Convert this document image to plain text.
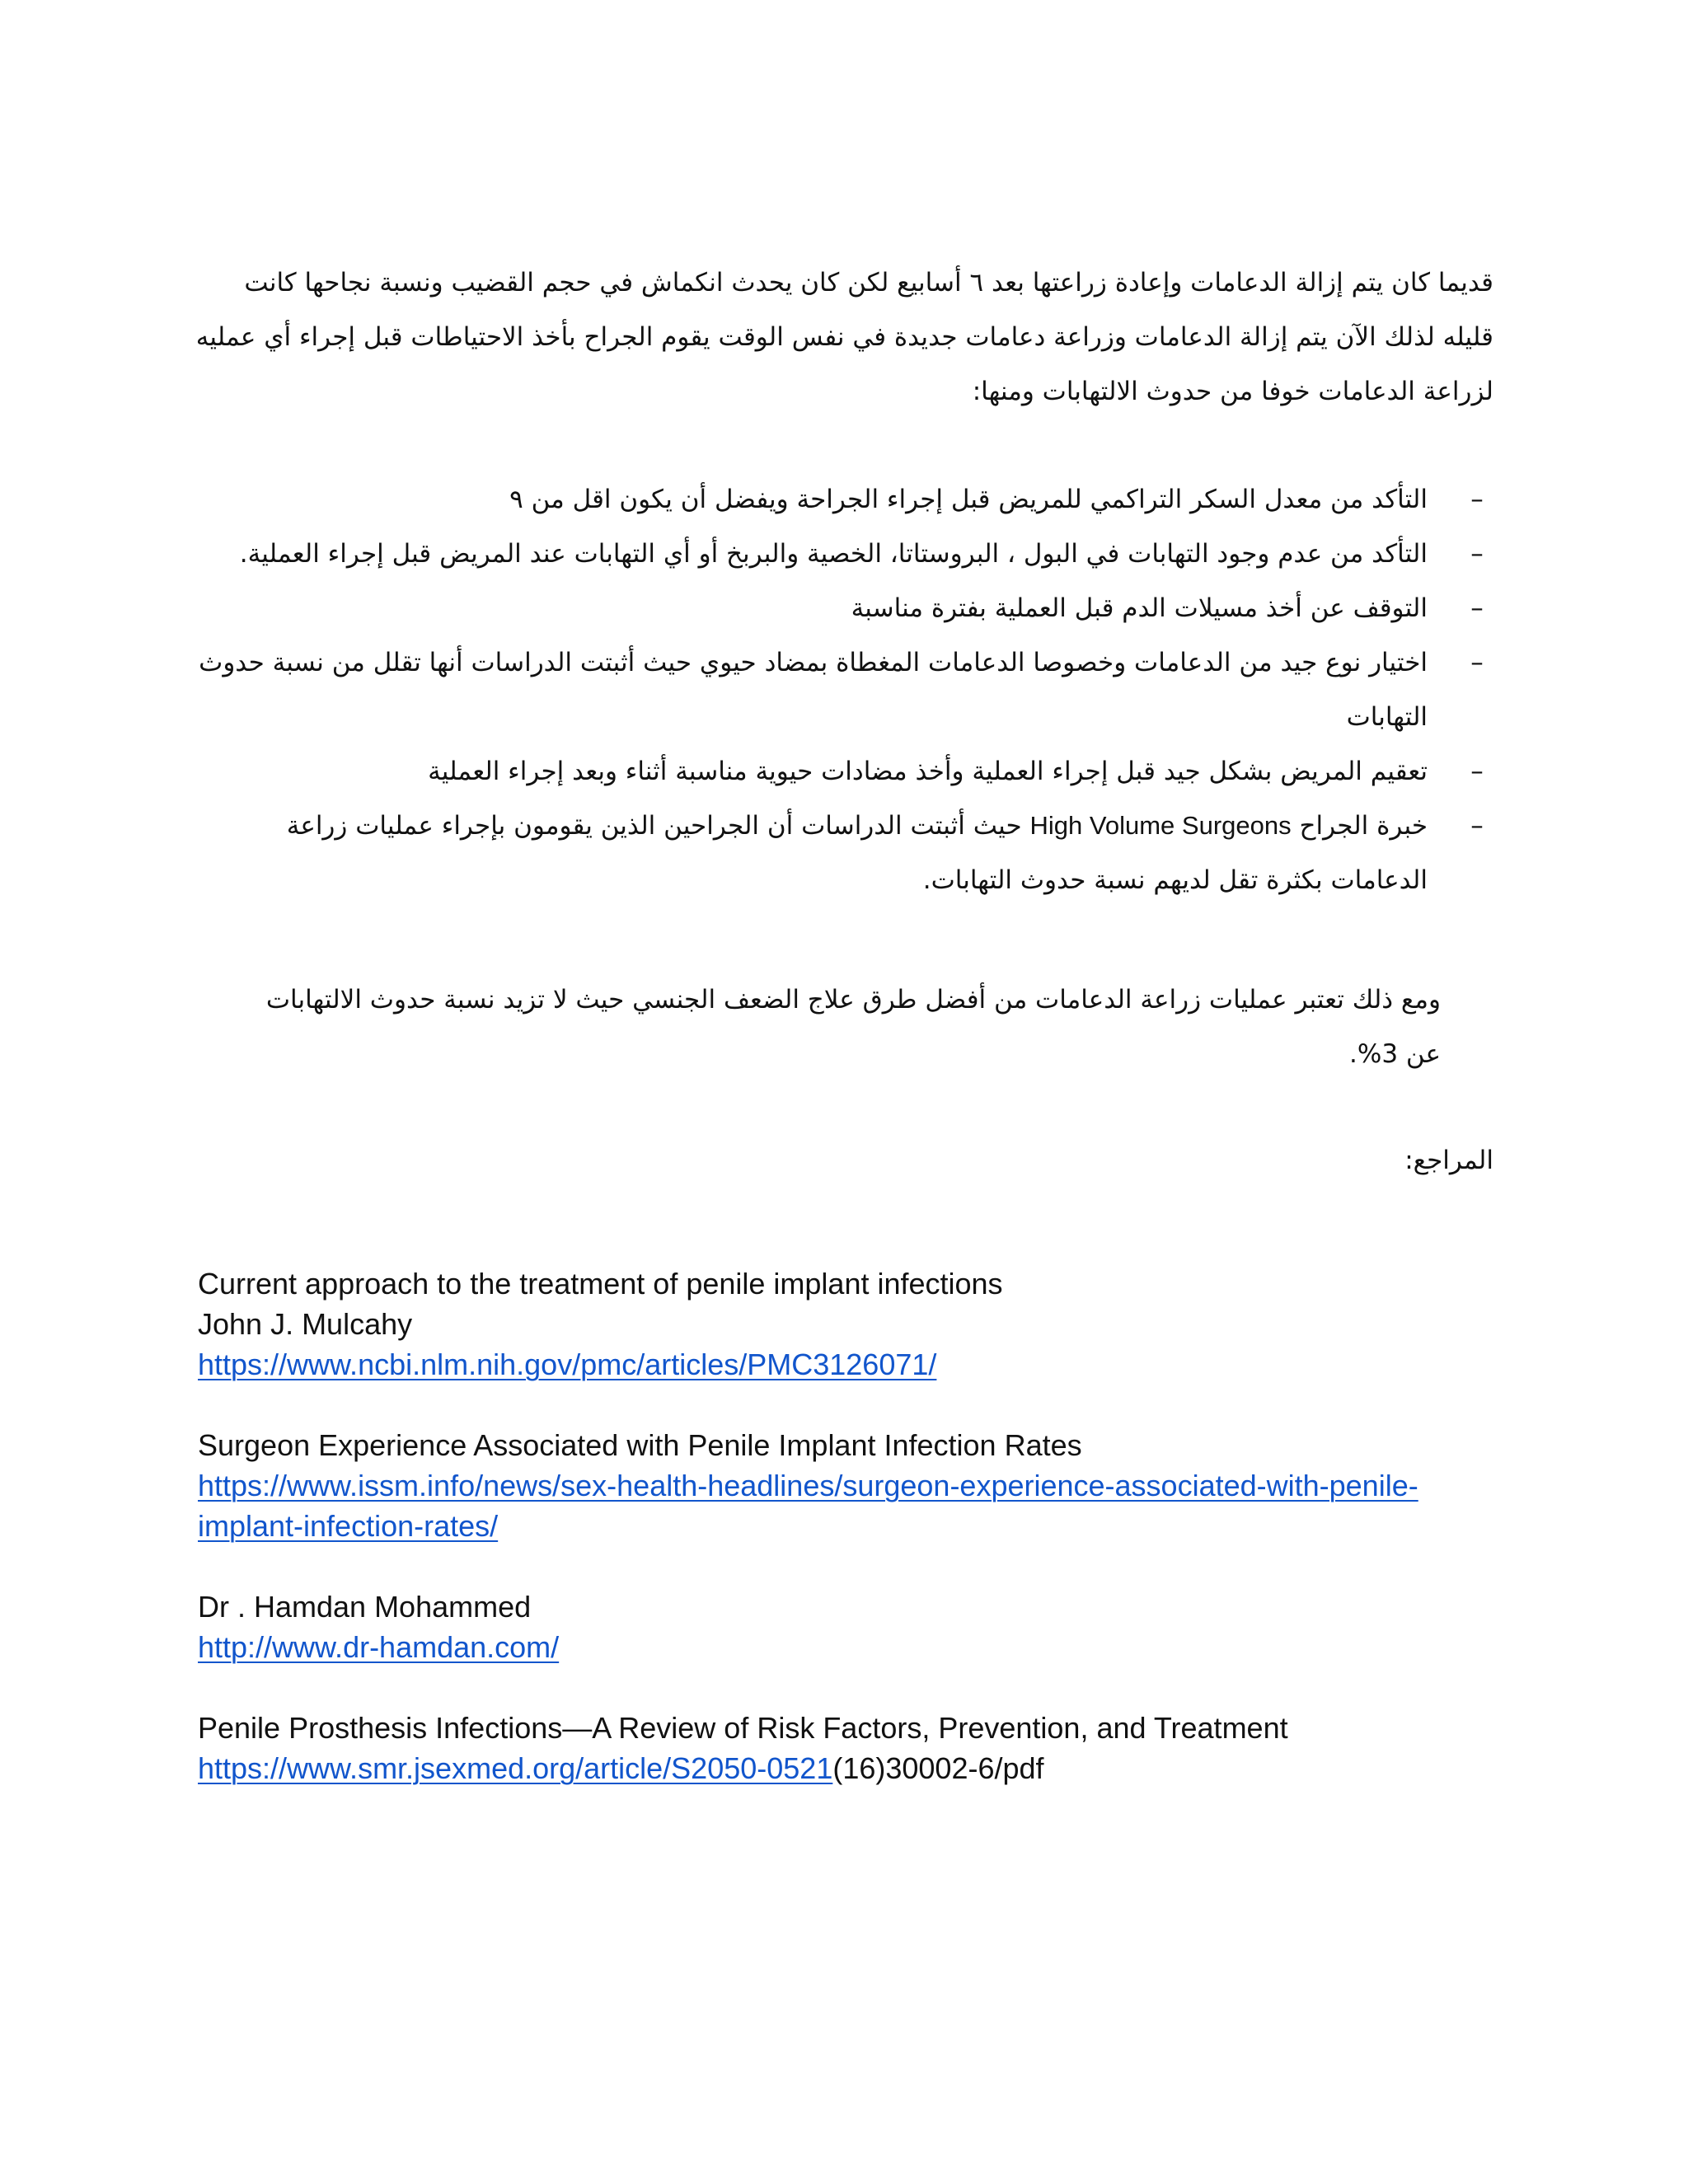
قديما كان يتم إزالة الدعامات وإعادة زراعتها بعد ٦ أسابيع لكن كان يحدث انكماش في حجم القضيب ونسبة نجاحها كانت

قليله لذلك الآن يتم إزالة الدعامات وزراعة دعامات جديدة في نفس الوقت يقوم الجراح بأخذ الاحتياطات قبل إجراء أي عمليه

لزراعة الدعامات خوفا من حدوث الالتهابات ومنها:

–
التأكد من معدل السكر التراكمي للمريض قبل إجراء الجراحة ويفضل أن يكون اقل من ٩
–
التأكد من عدم وجود التهابات في البول ، البروستاتا، الخصية والبربخ أو أي التهابات عند المريض قبل إجراء العملية.
–
التوقف عن أخذ مسيلات الدم قبل العملية بفترة مناسبة
–
اختيار نوع جيد من الدعامات وخصوصا الدعامات المغطاة بمضاد حيوي حيث أثبتت الدراسات أنها تقلل من نسبة حدوث التهابات
–
تعقيم المريض بشكل جيد قبل إجراء العملية وأخذ مضادات حيوية مناسبة أثناء وبعد إجراء العملية
–
خبرة الجراح High Volume Surgeons حيث أثبتت الدراسات أن الجراحين الذين يقومون بإجراء عمليات زراعة الدعامات بكثرة تقل لديهم نسبة حدوث التهابات.

ومع ذلك تعتبر عمليات زراعة الدعامات من أفضل طرق علاج الضعف الجنسي حيث لا تزيد نسبة حدوث الالتهابات

عن 3%.

المراجع:
Current approach to the treatment of penile implant infections
John J. Mulcahy
https://www.ncbi.nlm.nih.gov/pmc/articles/PMC3126071/
Surgeon Experience Associated with Penile Implant Infection Rates
https://www.issm.info/news/sex-health-headlines/surgeon-experience-associated-with-penile-
implant-infection-rates/
Dr . Hamdan Mohammed
http://www.dr-hamdan.com/
Penile Prosthesis Infections—A Review of Risk Factors, Prevention, and Treatment
https://www.smr.jsexmed.org/article/S2050-0521(16)30002-6/pdf
